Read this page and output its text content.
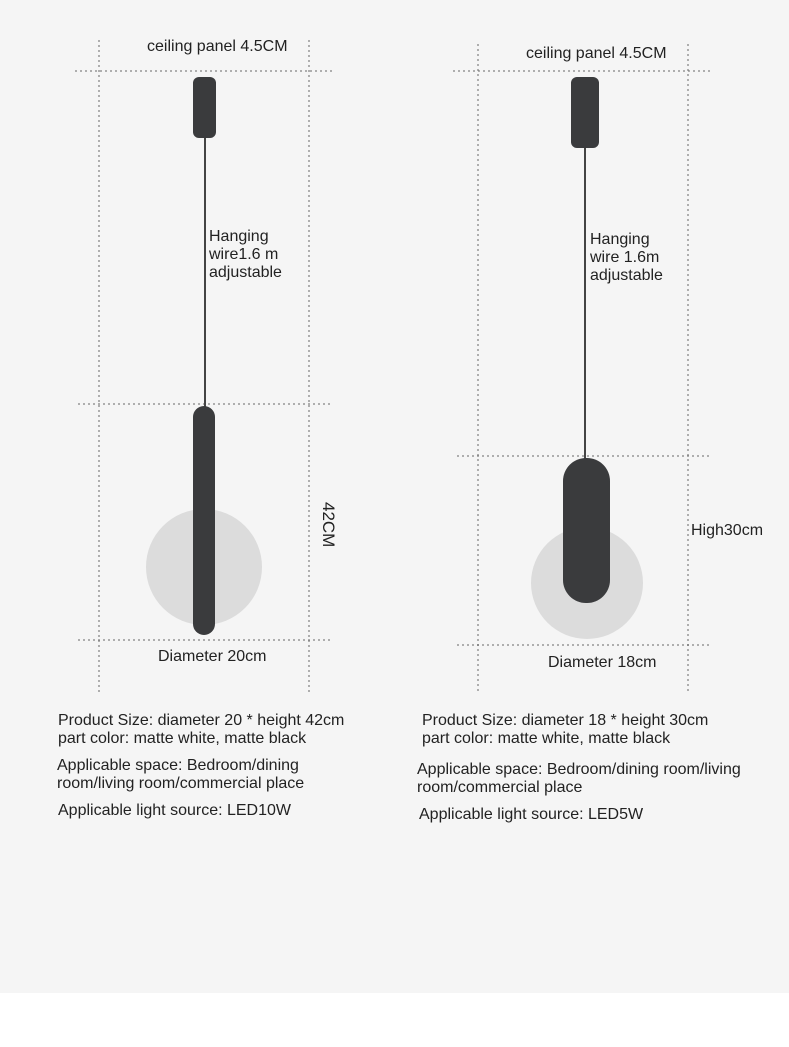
ceiling panel 4.5CM
Hanging
wire1.6 m
adjustable
42CM
Diameter 20cm
ceiling panel 4.5CM
Hanging
wire 1.6m
adjustable
High30cm
Diameter 18cm
Product Size: diameter 20 * height 42cm
part color: matte white, matte black
Applicable space: Bedroom/dining
room/living room/commercial place
Applicable light source: LED10W
Product Size: diameter 18 * height 30cm
part color: matte white, matte black
Applicable space: Bedroom/dining room/living
room/commercial place
Applicable light source: LED5W
